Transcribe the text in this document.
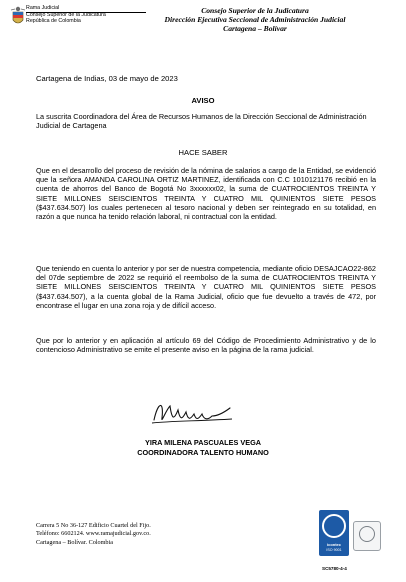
Rama Judicial
Consejo Superior de la Judicatura
República de Colombia
Consejo Superior de la Judicatura
Dirección Ejecutiva Seccional de Administración Judicial
Cartagena – Bolívar
Cartagena de Indias, 03 de mayo de 2023
AVISO
La suscrita Coordinadora del Área de Recursos Humanos de la Dirección Seccional de Administración Judicial de Cartagena
HACE SABER

Que en el desarrollo del proceso de revisión de la nómina de salarios a cargo de la Entidad, se evidenció que la señora AMANDA CAROLINA ORTIZ MARTINEZ, identificada con C.C 1010121176 recibió en la cuenta de ahorros del Banco de Bogotá No 3xxxxxx02, la suma de CUATROCIENTOS TREINTA Y SIETE MILLONES SEISCIENTOS TREINTA Y CUATRO MIL QUINIENTOS SIETE PESOS ($437.634.507) los cuales pertenecen al tesoro nacional y deben ser reintegrado en su totalidad, en razón a que nunca ha tenido relación laboral, ni contractual con la entidad.

Que teniendo en cuenta lo anterior y por ser de nuestra competencia, mediante oficio DESAJCAO22-862 del 07de septiembre de 2022 se requirió el reembolso de la suma de CUATROCIENTOS TREINTA Y SIETE MILLONES SEISCIENTOS TREINTA Y CUATRO MIL QUINIENTOS SIETE PESOS ($437.634.507), a la cuenta global de la Rama Judicial, oficio que fue devuelto a través de 472, por encontrase el lugar en una zona roja y de difícil acceso.

Que por lo anterior y en aplicación al artículo 69 del Código de Procedimiento Administrativo y de lo contencioso Administrativo se emite el presente aviso en la página de la rama judicial.

YIRA MILENA PASCUALES VEGA
COORDINADORA TALENTO HUMANO
Carrera 5 No 36-127 Edificio Cuartel del Fijo.
Teléfono: 6602124. www.ramajudicial.gov.co.
Cartagena – Bolívar. Colombia	icontec
ISO 9001
SC5780-4-4
